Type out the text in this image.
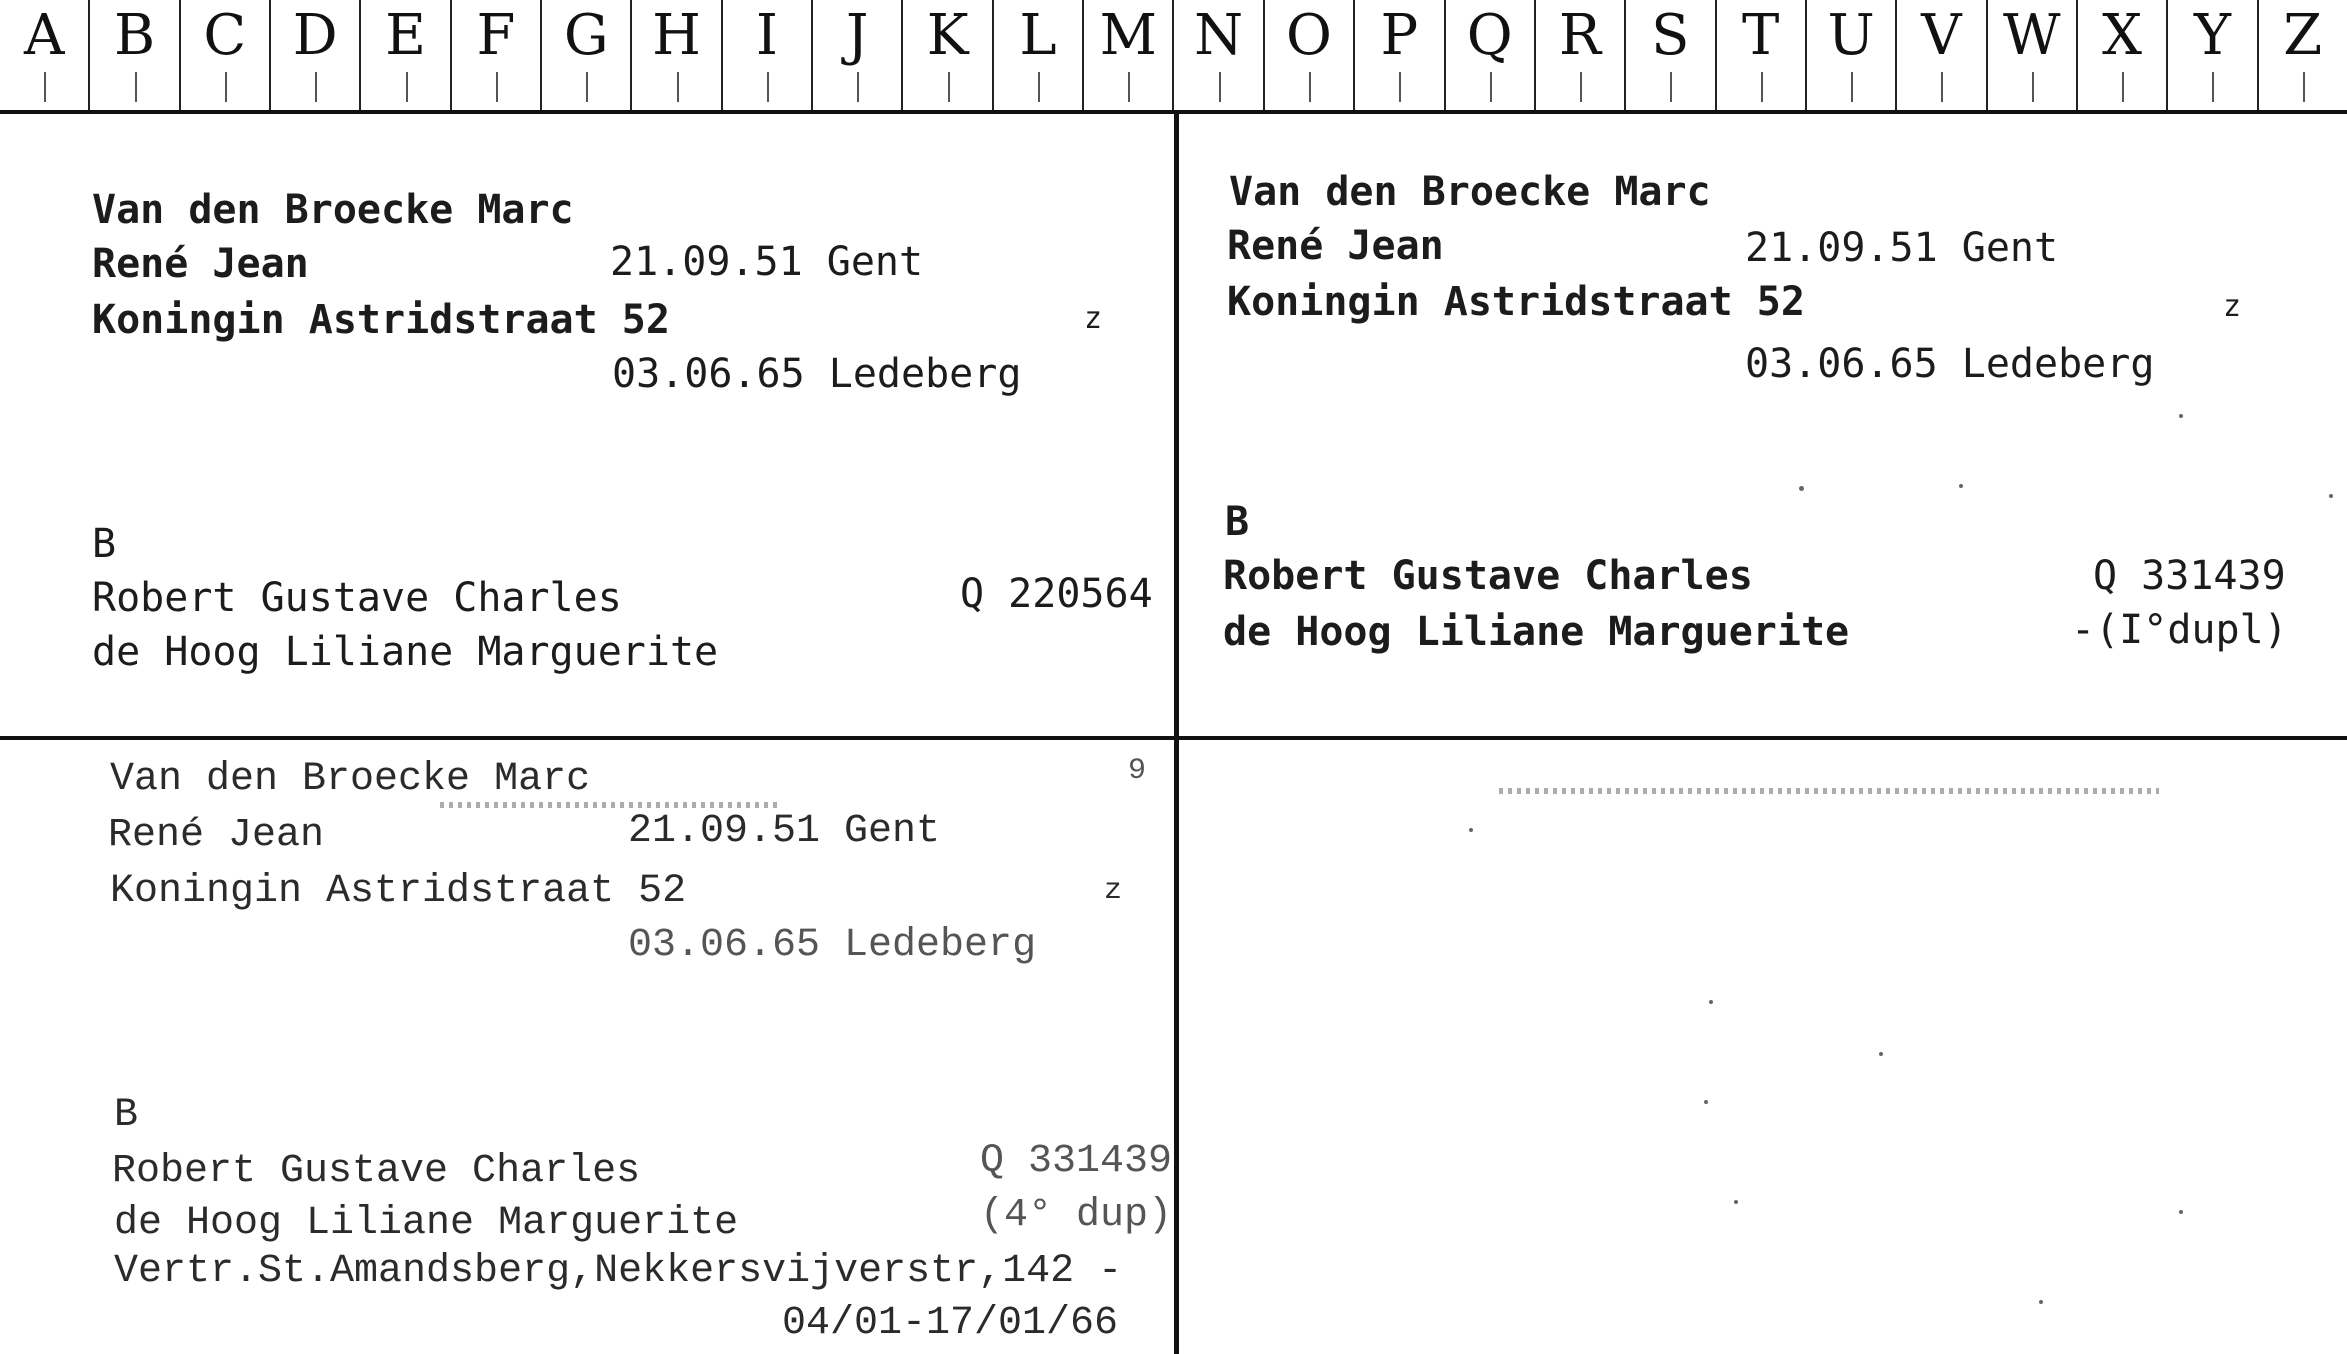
A B C D E F G H I	J	K L M N O P Q R S T U V W X Y Z
Van den Broecke Marc
René Jean	21.09.51 Gent
Koningin Astridstraat 52	z
03.06.65 Ledeberg
B
Robert Gustave Charles	Q 220564
de Hoog Liliane Marguerite
Van den Broecke Marc
René Jean	21.09.51 Gent
Koningin Astridstraat 52	z
03.06.65 Ledeberg
B
Robert Gustave Charles	Q 331439
de Hoog Liliane Marguerite	-(I°dupl)
Van den Broecke Marc	9
René Jean	21.09.51 Gent
Koningin Astridstraat 52	z
03.06.65 Ledeberg
B
Robert Gustave Charles	Q 331439
de Hoog Liliane Marguerite	(4° dup)
Vertr.St.Amandsberg,Nekkersvijverstr,142 -
04/01-17/01/66
